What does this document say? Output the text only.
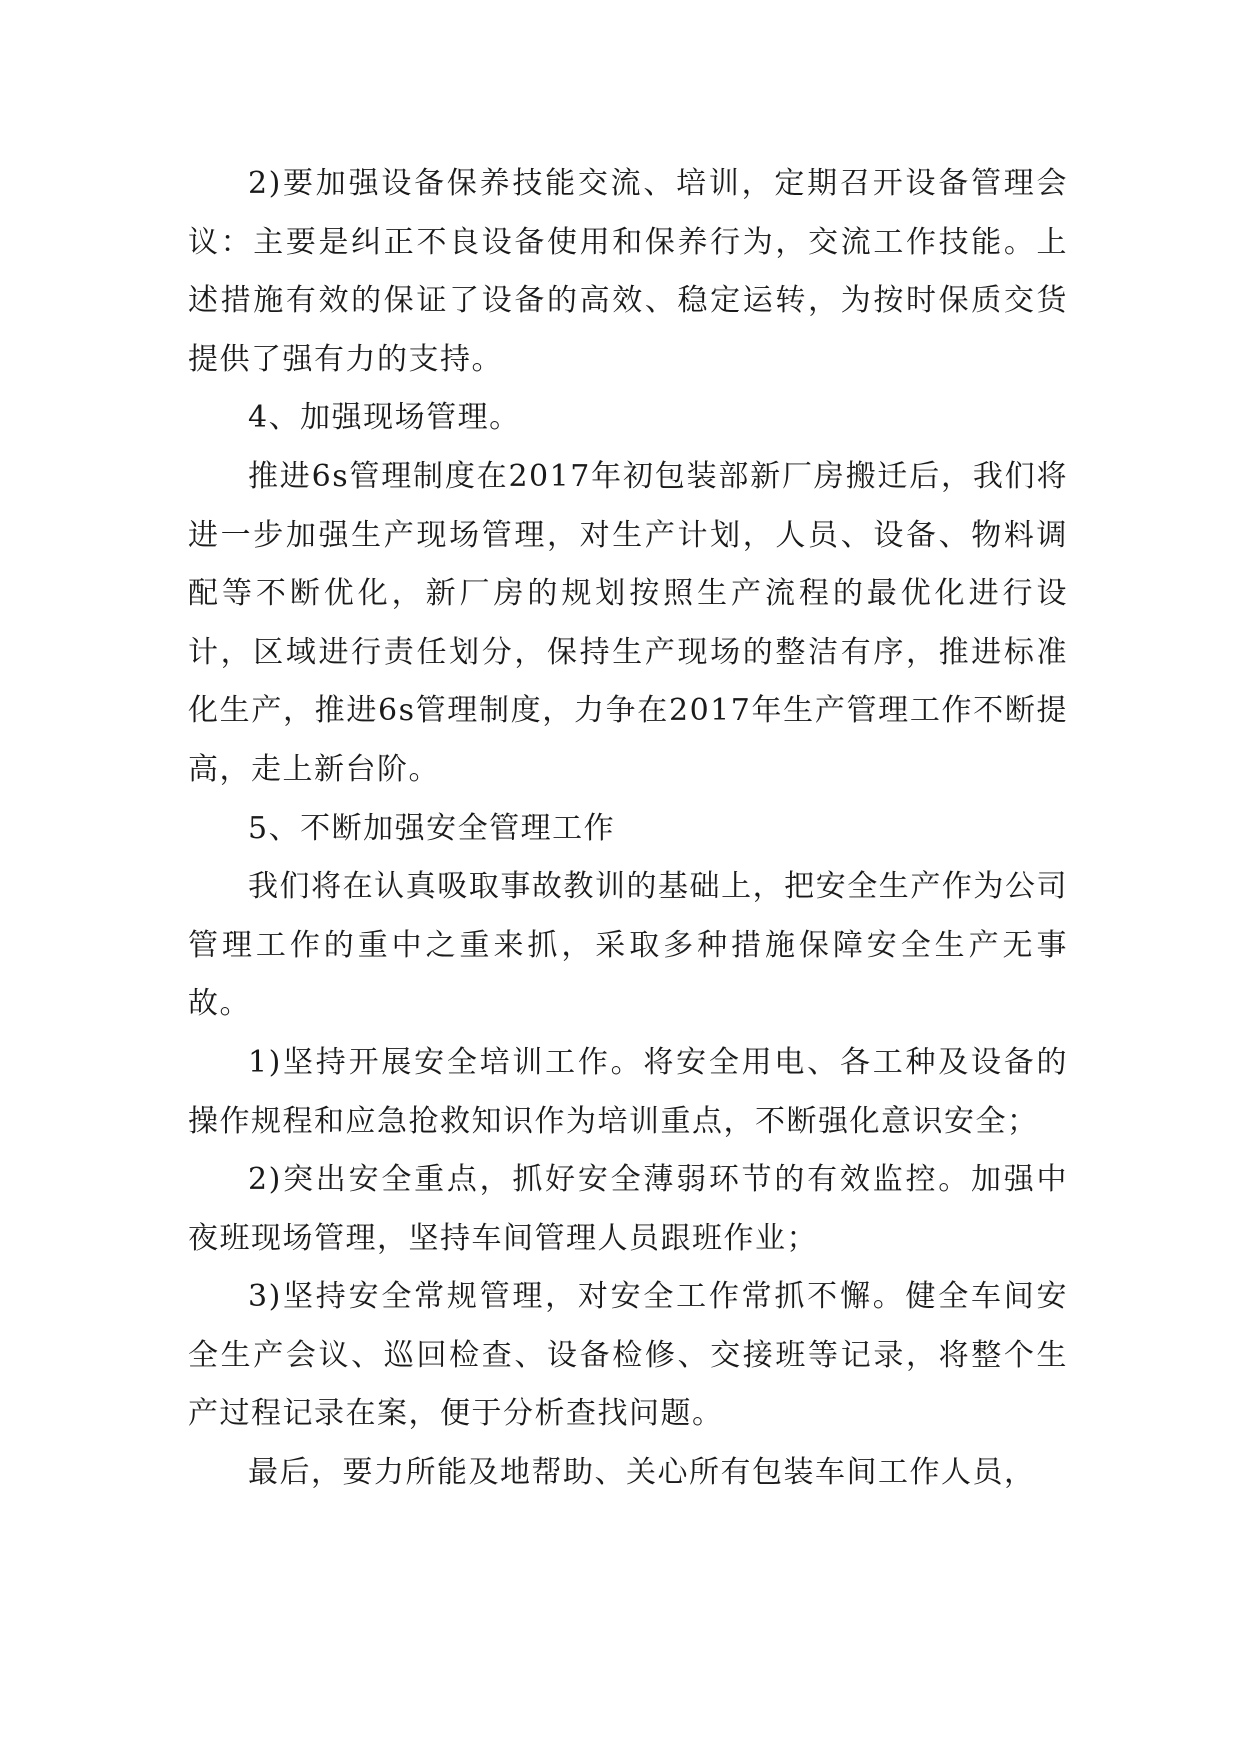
2)要加强设备保养技能交流、培训，定期召开设备管理会议：主要是纠正不良设备使用和保养行为，交流工作技能。上述措施有效的保证了设备的高效、稳定运转，为按时保质交货提供了强有力的支持。

4、加强现场管理。

推进6s管理制度在2017年初包装部新厂房搬迁后，我们将进一步加强生产现场管理，对生产计划，人员、设备、物料调配等不断优化，新厂房的规划按照生产流程的最优化进行设计，区域进行责任划分，保持生产现场的整洁有序，推进标准化生产，推进6s管理制度，力争在2017年生产管理工作不断提高，走上新台阶。

5、不断加强安全管理工作

我们将在认真吸取事故教训的基础上，把安全生产作为公司管理工作的重中之重来抓，采取多种措施保障安全生产无事故。

1)坚持开展安全培训工作。将安全用电、各工种及设备的操作规程和应急抢救知识作为培训重点，不断强化意识安全；

2)突出安全重点，抓好安全薄弱环节的有效监控。加强中夜班现场管理，坚持车间管理人员跟班作业；

3)坚持安全常规管理，对安全工作常抓不懈。健全车间安全生产会议、巡回检查、设备检修、交接班等记录，将整个生产过程记录在案，便于分析查找问题。

最后，要力所能及地帮助、关心所有包装车间工作人员，
